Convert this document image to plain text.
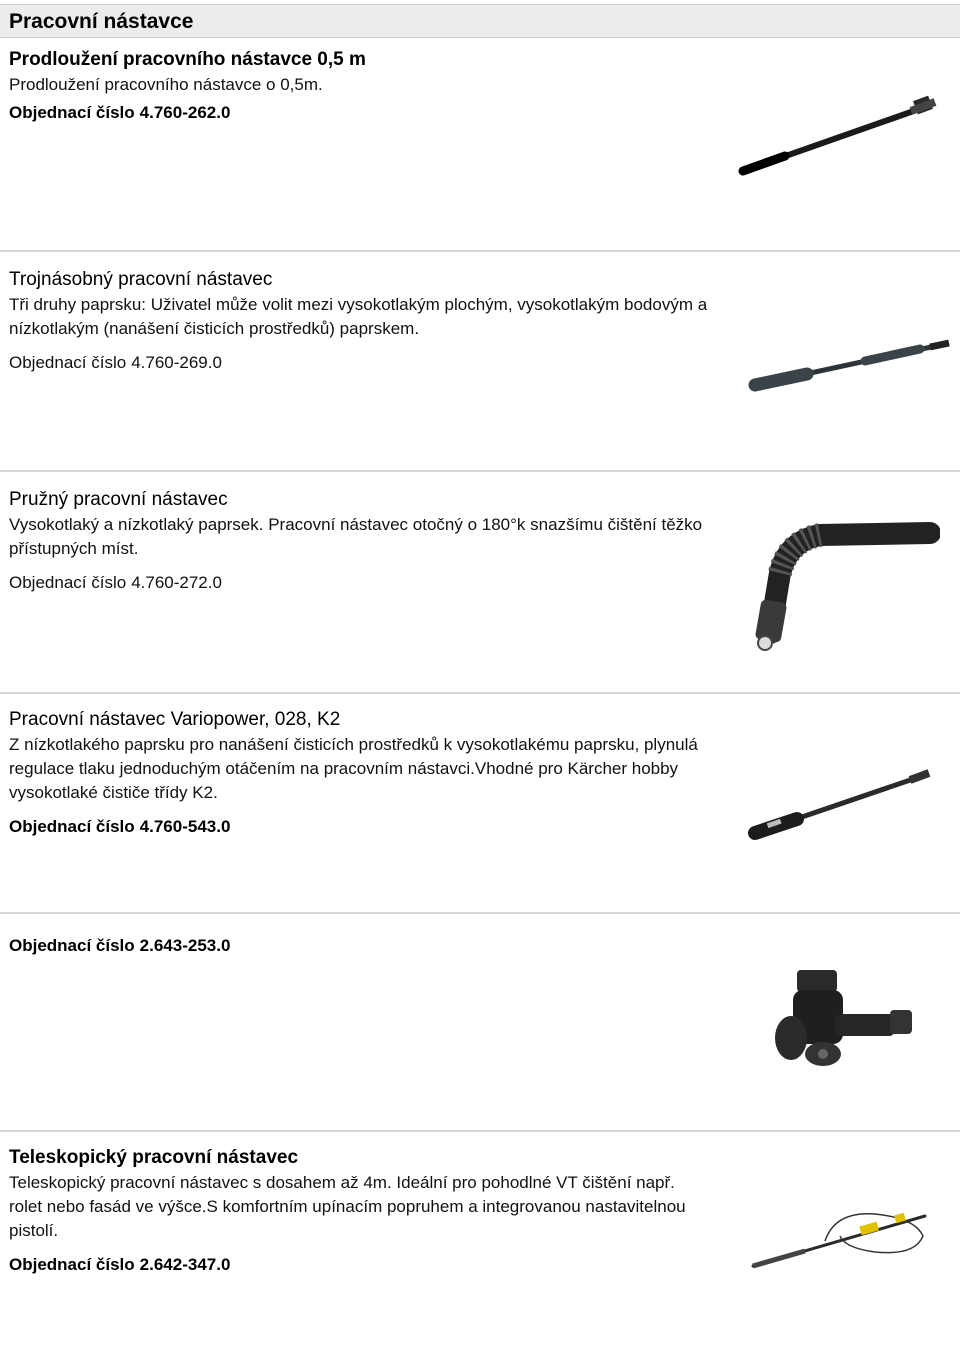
Pracovní nástavce
Prodloužení pracovního nástavce 0,5 m
Prodloužení pracovního nástavce o 0,5m.
Objednací číslo 4.760-262.0
Trojnásobný pracovní nástavec
Tři druhy paprsku: Uživatel může volit mezi vysokotlakým plochým, vysokotlakým bodovým a nízkotlakým (nanášení čisticích prostředků) paprskem.
Objednací číslo 4.760-269.0
Pružný pracovní nástavec
Vysokotlaký a nízkotlaký paprsek. Pracovní nástavec otočný o 180°k snazšímu čištění těžko přístupných míst.
Objednací číslo 4.760-272.0
Pracovní nástavec Variopower, 028, K2
Z nízkotlakého paprsku pro nanášení čisticích prostředků k vysokotlakému paprsku, plynulá regulace tlaku jednoduchým otáčením na pracovním nástavci.Vhodné pro Kärcher hobby vysokotlaké čističe třídy K2.
Objednací číslo 4.760-543.0
Objednací číslo 2.643-253.0
Teleskopický pracovní nástavec
Teleskopický pracovní nástavec s dosahem až 4m. Ideální pro pohodlné VT čištění např. rolet nebo fasád ve výšce.S komfortním upínacím popruhem a integrovanou nastavitelnou pistolí.
Objednací číslo 2.642-347.0
